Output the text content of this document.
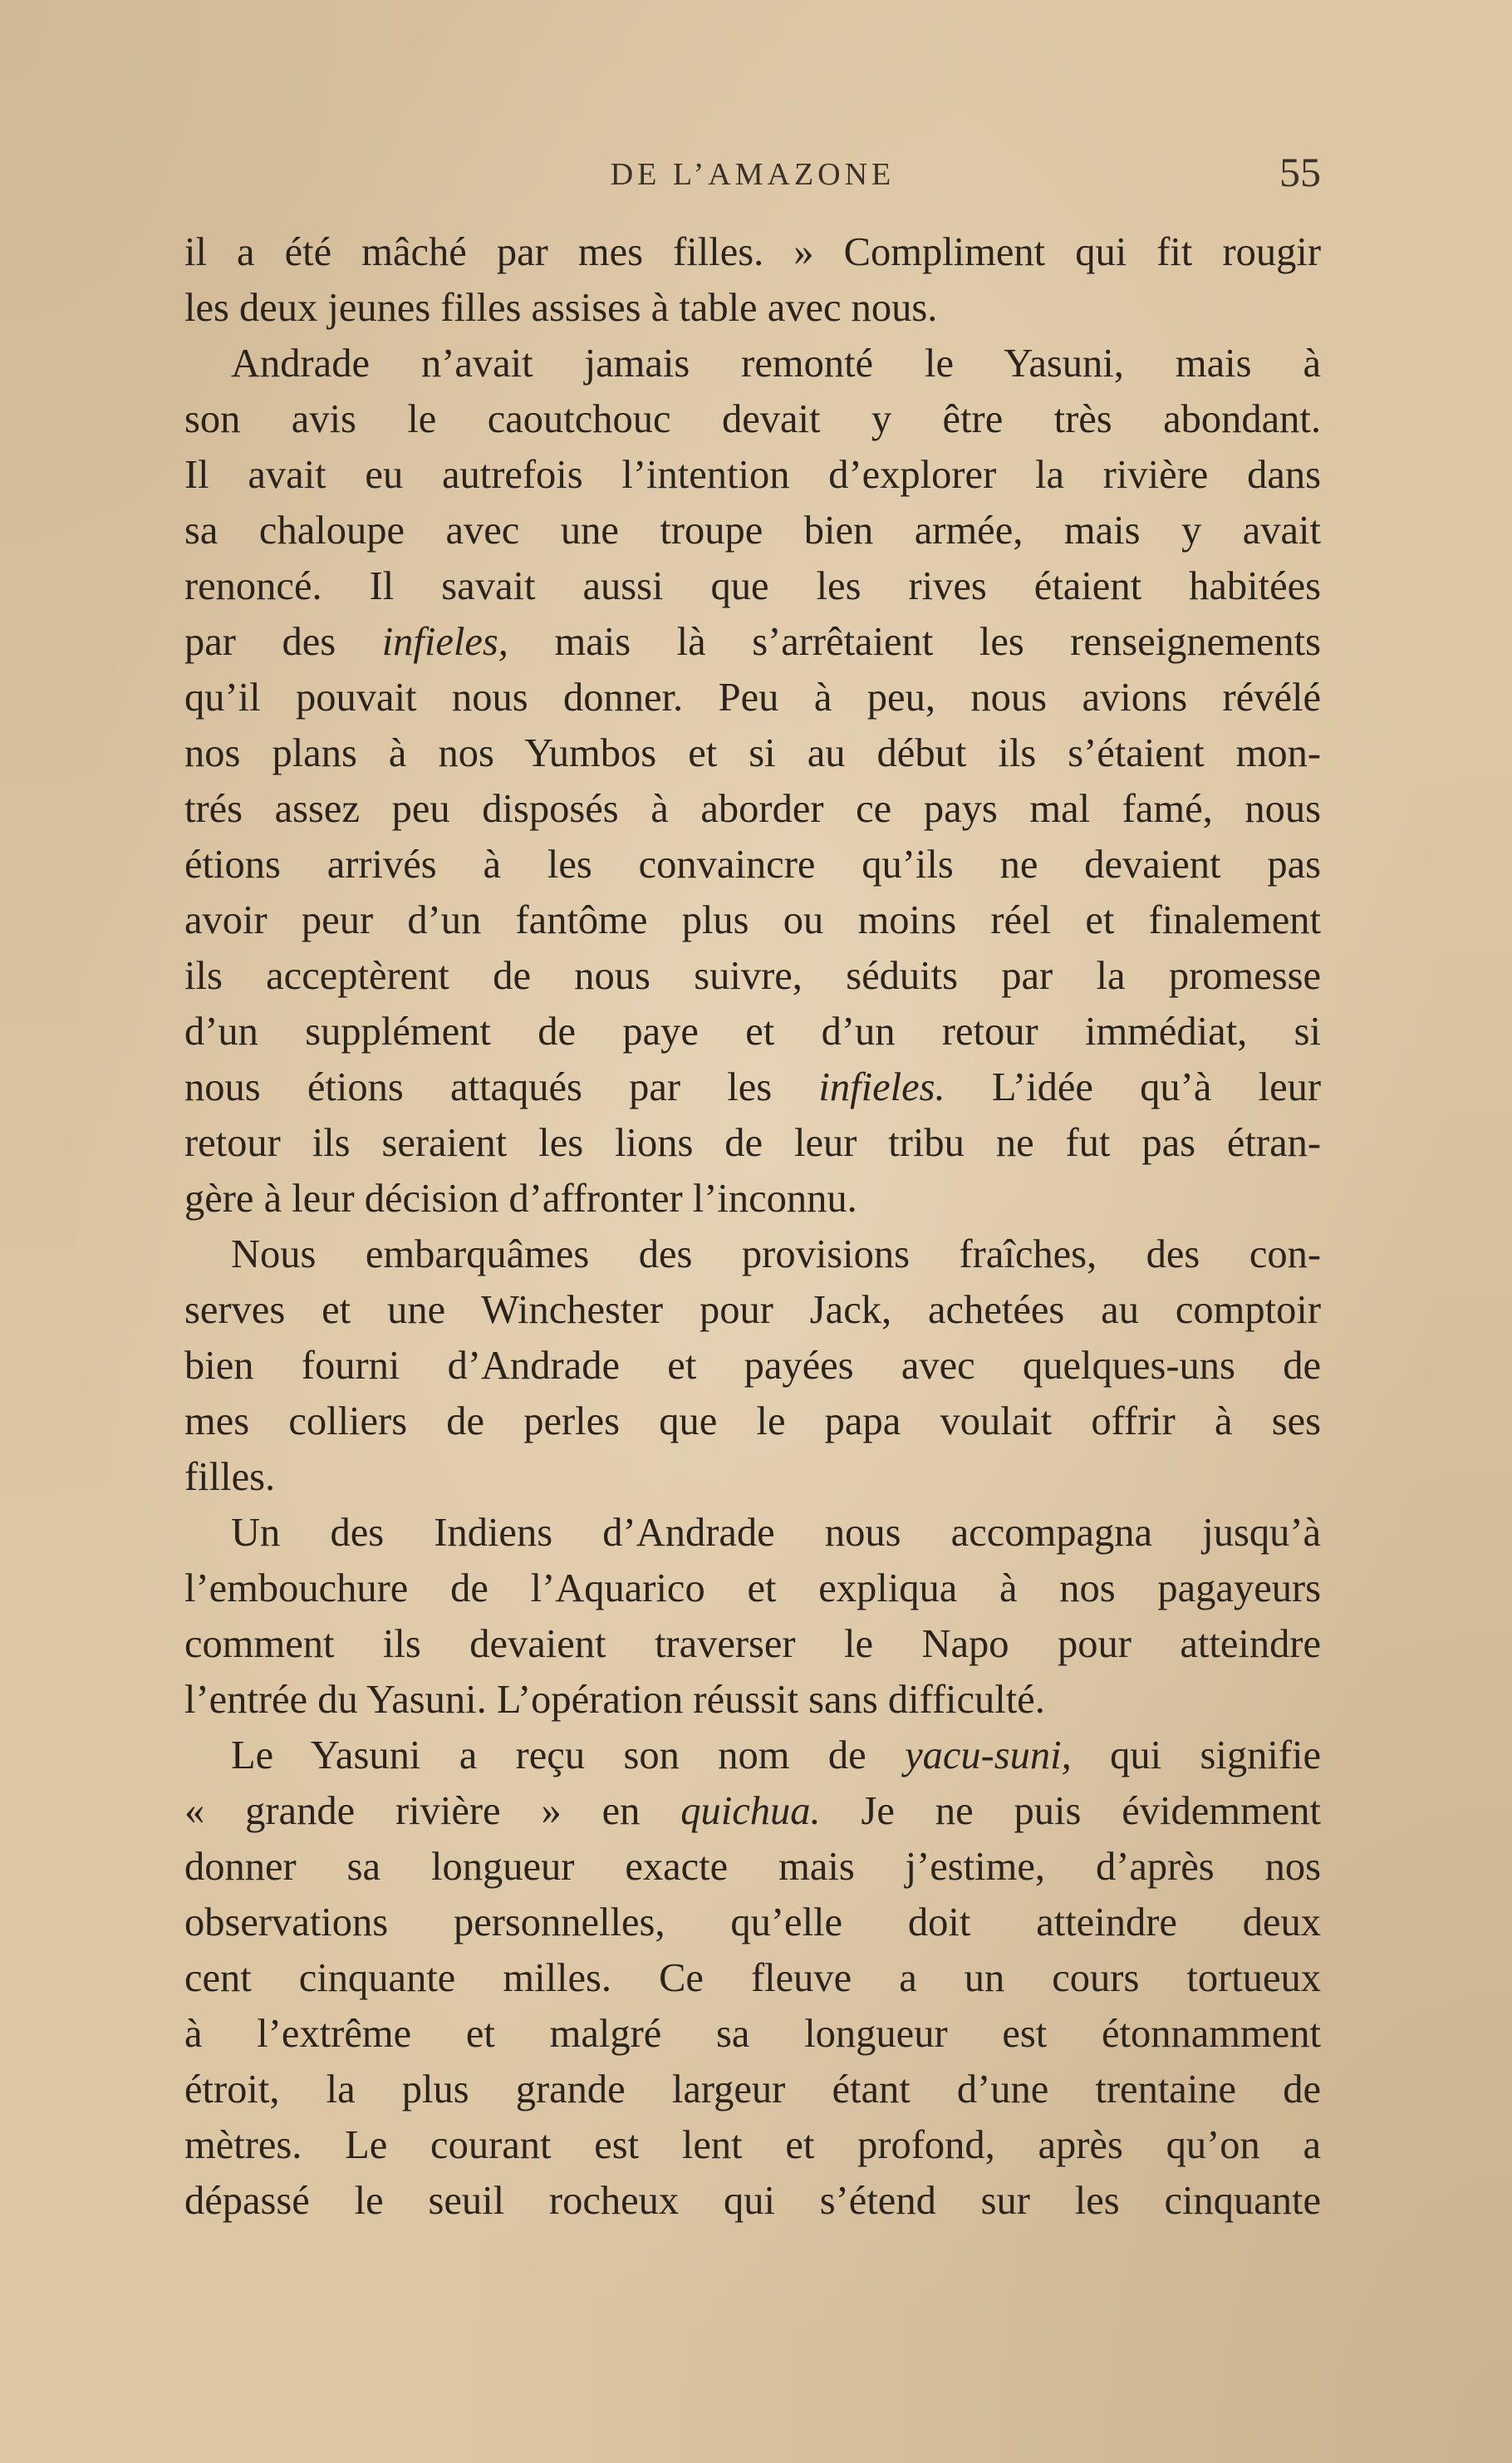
DE L’AMAZONE	55
il a été mâché par mes filles. » Compliment qui fit rougir
les deux jeunes filles assises à table avec nous.
Andrade n’avait jamais remonté le Yasuni, mais à
son avis le caoutchouc devait y être très abondant.
Il avait eu autrefois l’intention d’explorer la rivière dans
sa chaloupe avec une troupe bien armée, mais y avait
renoncé. Il savait aussi que les rives étaient habitées
par des infieles, mais là s’arrêtaient les renseignements
qu’il pouvait nous donner. Peu à peu, nous avions révélé
nos plans à nos Yumbos et si au début ils s’étaient mon-
trés assez peu disposés à aborder ce pays mal famé, nous
étions arrivés à les convaincre qu’ils ne devaient pas
avoir peur d’un fantôme plus ou moins réel et finalement
ils acceptèrent de nous suivre, séduits par la promesse
d’un supplément de paye et d’un retour immédiat, si
nous étions attaqués par les infieles. L’idée qu’à leur
retour ils seraient les lions de leur tribu ne fut pas étran-
gère à leur décision d’affronter l’inconnu.
Nous embarquâmes des provisions fraîches, des con-
serves et une Winchester pour Jack, achetées au comptoir
bien fourni d’Andrade et payées avec quelques-uns de
mes colliers de perles que le papa voulait offrir à ses
filles.
Un des Indiens d’Andrade nous accompagna jusqu’à
l’embouchure de l’Aquarico et expliqua à nos pagayeurs
comment ils devaient traverser le Napo pour atteindre
l’entrée du Yasuni. L’opération réussit sans difficulté.
Le Yasuni a reçu son nom de yacu-suni, qui signifie
« grande rivière » en quichua. Je ne puis évidemment
donner sa longueur exacte mais j’estime, d’après nos
observations personnelles, qu’elle doit atteindre deux
cent cinquante milles. Ce fleuve a un cours tortueux
à l’extrême et malgré sa longueur est étonnamment
étroit, la plus grande largeur étant d’une trentaine de
mètres. Le courant est lent et profond, après qu’on a
dépassé le seuil rocheux qui s’étend sur les cinquante
